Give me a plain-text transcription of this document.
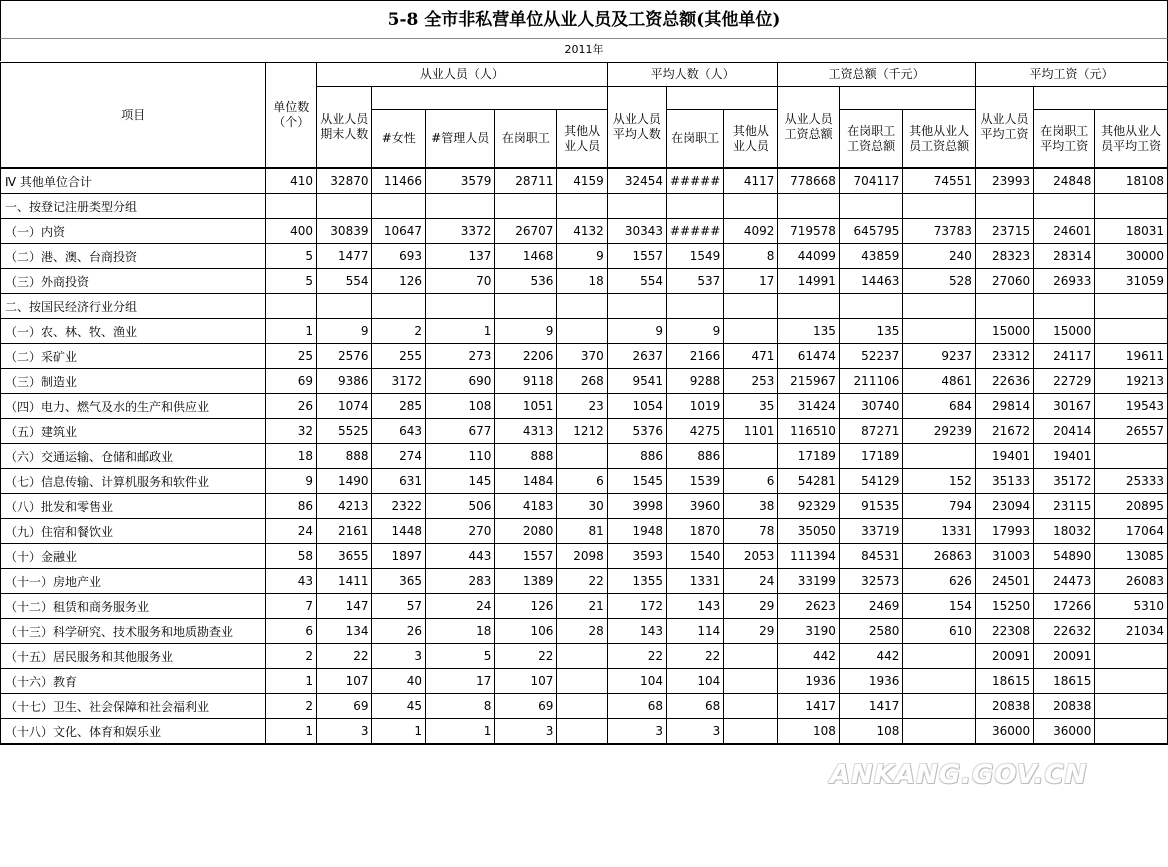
5-8 全市非私营单位从业人员及工资总额(其他单位)
2011年
项目	单位数（个）	从业人员（人）					平均人数（人）			工资总额（千元）			平均工资（元）		
		从业人员期末人数					从业人员平均人数			从业人员工资总额			从业人员平均工资		
			#女性	#管理人员	在岗职工	其他从业人员		在岗职工	其他从业人员		在岗职工工资总额	其他从业人员工资总额		在岗职工平均工资	其他从业人员平均工资
Ⅳ 其他单位合计	410	32870	11466	3579	28711	4159	32454	#####	4117	778668	704117	74551	23993	24848	18108
一、按登记注册类型分组															
（一）内资	400	30839	10647	3372	26707	4132	30343	#####	4092	719578	645795	73783	23715	24601	18031
（二）港、澳、台商投资	5	1477	693	137	1468	9	1557	1549	8	44099	43859	240	28323	28314	30000
（三）外商投资	5	554	126	70	536	18	554	537	17	14991	14463	528	27060	26933	31059
二、按国民经济行业分组															
（一）农、林、牧、渔业	1	9	2	1	9		9	9		135	135		15000	15000	
（二）采矿业	25	2576	255	273	2206	370	2637	2166	471	61474	52237	9237	23312	24117	19611
（三）制造业	69	9386	3172	690	9118	268	9541	9288	253	215967	211106	4861	22636	22729	19213
（四）电力、燃气及水的生产和供应业	26	1074	285	108	1051	23	1054	1019	35	31424	30740	684	29814	30167	19543
（五）建筑业	32	5525	643	677	4313	1212	5376	4275	1101	116510	87271	29239	21672	20414	26557
（六）交通运输、仓储和邮政业	18	888	274	110	888		886	886		17189	17189		19401	19401	
（七）信息传输、计算机服务和软件业	9	1490	631	145	1484	6	1545	1539	6	54281	54129	152	35133	35172	25333
（八）批发和零售业	86	4213	2322	506	4183	30	3998	3960	38	92329	91535	794	23094	23115	20895
（九）住宿和餐饮业	24	2161	1448	270	2080	81	1948	1870	78	35050	33719	1331	17993	18032	17064
（十）金融业	58	3655	1897	443	1557	2098	3593	1540	2053	111394	84531	26863	31003	54890	13085
（十一）房地产业	43	1411	365	283	1389	22	1355	1331	24	33199	32573	626	24501	24473	26083
（十二）租赁和商务服务业	7	147	57	24	126	21	172	143	29	2623	2469	154	15250	17266	5310
（十三）科学研究、技术服务和地质勘查业	6	134	26	18	106	28	143	114	29	3190	2580	610	22308	22632	21034
（十五）居民服务和其他服务业	2	22	3	5	22		22	22		442	442		20091	20091	
（十六）教育	1	107	40	17	107		104	104		1936	1936		18615	18615	
（十七）卫生、社会保障和社会福利业	2	69	45	8	69		68	68		1417	1417		20838	20838	
（十八）文化、体育和娱乐业	1	3	1	1	3		3	3		108	108		36000	36000	
ANKANG.GOV.CN
